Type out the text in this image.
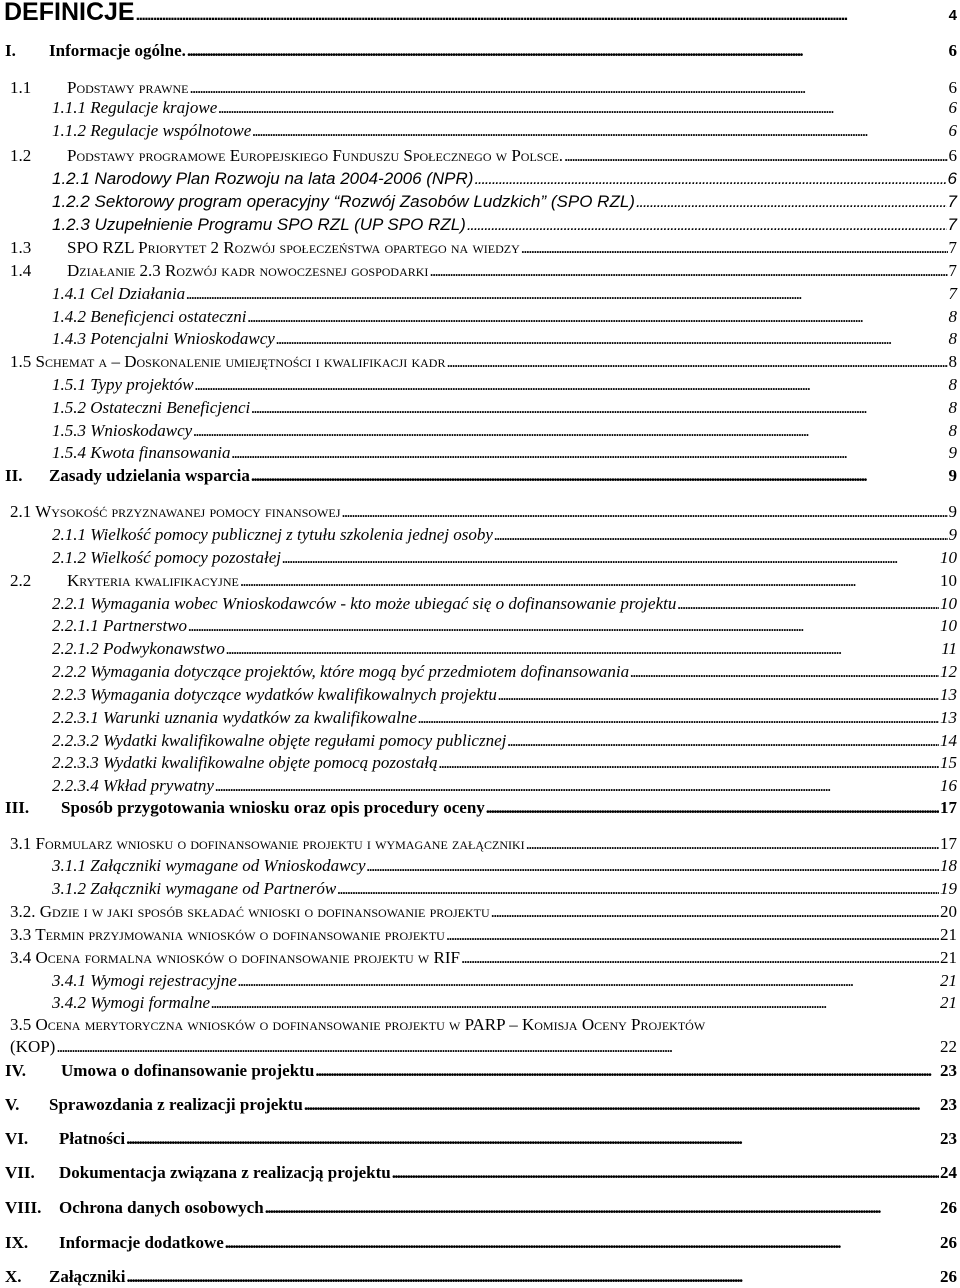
DEFINICJE . . .	4
I.	Informacje ogólne. . . .	6
1.1	Podstawy prawne . . .	6
1.1.1 Regulacje krajowe . . .	6
1.1.2 Regulacje wspólnotowe . . .	6
1.2	Podstawy programowe Europejskiego Funduszu Społecznego w Polsce. . . .	6
1.2.1 Narodowy Plan Rozwoju na lata 2004-2006 (NPR) . . .	6
1.2.2 Sektorowy program operacyjny “Rozwój Zasobów Ludzkich” (SPO RZL) . . .	7
1.2.3 Uzupełnienie Programu SPO RZL (UP SPO RZL) . . .	7
1.3	SPO RZL Priorytet 2 Rozwój społeczeństwa opartego na wiedzy . . .	7
1.4	Działanie 2.3 Rozwój kadr nowoczesnej gospodarki . . .	7
1.4.1 Cel Działania . . .	7
1.4.2 Beneficjenci ostateczni . . .	8
1.4.3 Potencjalni Wnioskodawcy . . .	8
1.5 Schemat a – Doskonalenie umiejętności i kwalifikacji kadr . . .	8
1.5.1 Typy projektów . . .	8
1.5.2 Ostateczni Beneficjenci . . .	8
1.5.3 Wnioskodawcy . . .	8
1.5.4 Kwota finansowania . . .	9
II.	Zasady udzielania wsparcia . . .	9
2.1 Wysokość przyznawanej pomocy finansowej . . .	9
2.1.1 Wielkość pomocy publicznej z tytułu szkolenia jednej osoby . . .	9
2.1.2 Wielkość pomocy pozostałej . . .	10
2.2	Kryteria kwalifikacyjne . . .	10
2.2.1 Wymagania wobec Wnioskodawców - kto może ubiegać się o dofinansowanie projektu . . .	10
2.2.1.1 Partnerstwo . . .	10
2.2.1.2 Podwykonawstwo . . .	11
2.2.2 Wymagania dotyczące projektów, które mogą być przedmiotem dofinansowania . . .	12
2.2.3 Wymagania dotyczące wydatków kwalifikowalnych projektu . . .	13
2.2.3.1 Warunki uznania wydatków za kwalifikowalne . . .	13
2.2.3.2 Wydatki kwalifikowalne objęte regułami pomocy publicznej . . .	14
2.2.3.3 Wydatki kwalifikowalne objęte pomocą pozostałą . . .	15
2.2.3.4 Wkład prywatny . . .	16
III.	Sposób przygotowania wniosku oraz opis procedury oceny . . .	17
3.1 Formularz wniosku o dofinansowanie projektu i wymagane załączniki . . .	17
3.1.1 Załączniki wymagane od Wnioskodawcy . . .	18
3.1.2 Załączniki wymagane od Partnerów . . .	19
3.2. Gdzie i w jaki sposób składać wnioski o dofinansowanie projektu . . .	20
3.3 Termin przyjmowania wniosków o dofinansowanie projektu . . .	21
3.4 Ocena formalna wniosków o dofinansowanie projektu w RIF . . .	21
3.4.1 Wymogi rejestracyjne . . .	21
3.4.2 Wymogi formalne . . .	21
3.5 Ocena merytoryczna wniosków o dofinansowanie projektu w PARP – Komisja Oceny Projektów
(KOP) . . .	22
IV.	Umowa o dofinansowanie projektu . . .	23
V.	Sprawozdania z realizacji projektu . . .	23
VI.	Płatności . . .	23
VII.	Dokumentacja związana z realizacją projektu . . .	24
VIII.	Ochrona danych osobowych . . .	26
IX.	Informacje dodatkowe . . .	26
X.	Załączniki . . .	26
